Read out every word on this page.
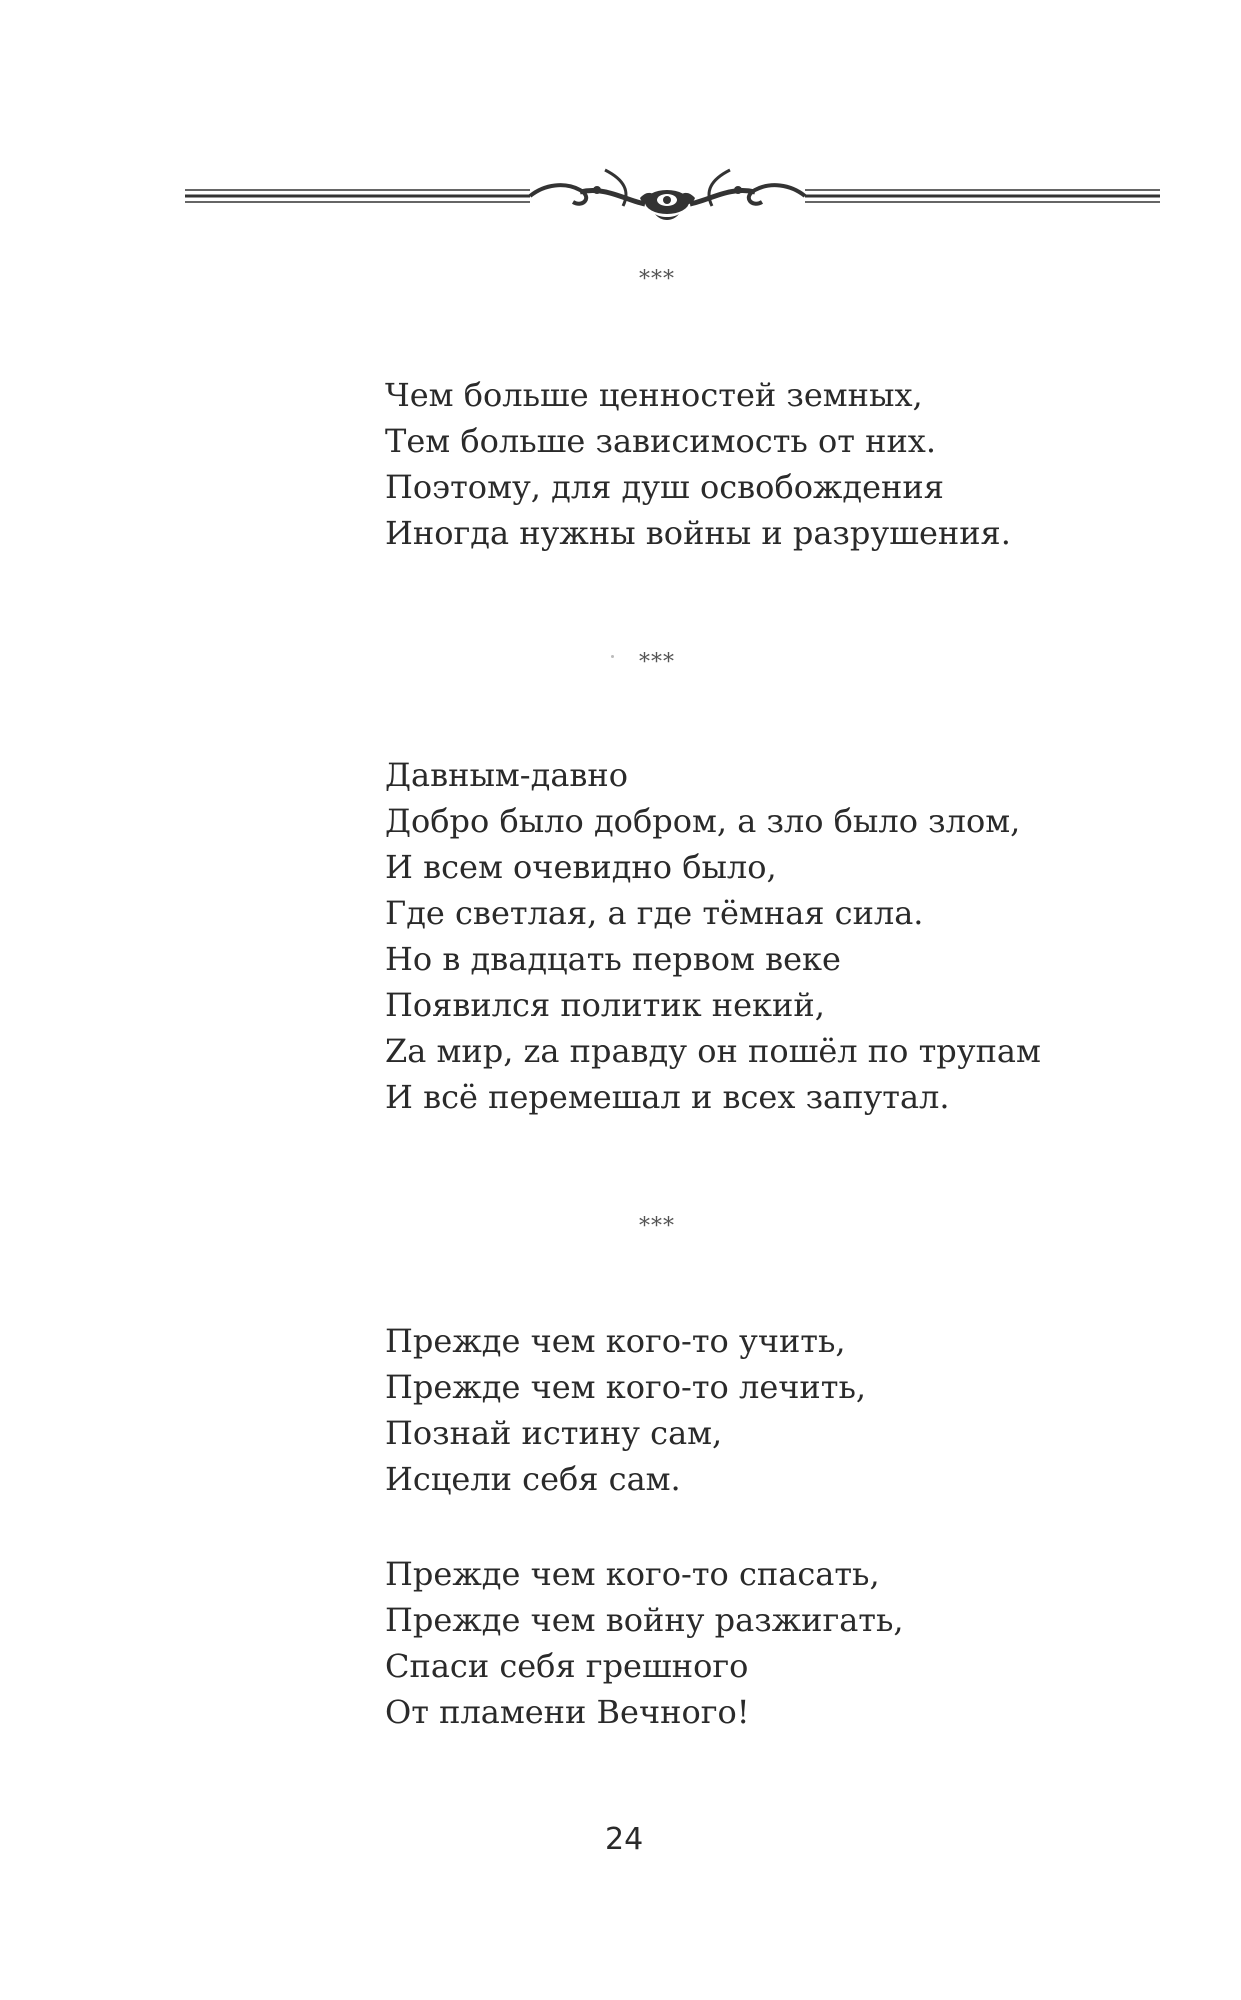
***
Чем больше ценностей земных,
Тем больше зависимость от них.
Поэтому, для душ освобождения
Иногда нужны войны и разрушения.
***
Давным-давно
Добро было добром, а зло было злом,
И всем очевидно было,
Где светлая, а где тёмная сила.
Но в двадцать первом веке
Появился политик некий,
Zа мир, zа правду он пошёл по трупам
И всё перемешал и всех запутал.
***
Прежде чем кого-то учить,
Прежде чем кого-то лечить,
Познай истину сам,
Исцели себя сам.
Прежде чем кого-то спасать,
Прежде чем войну разжигать,
Спаси себя грешного
От пламени Вечного!
24
